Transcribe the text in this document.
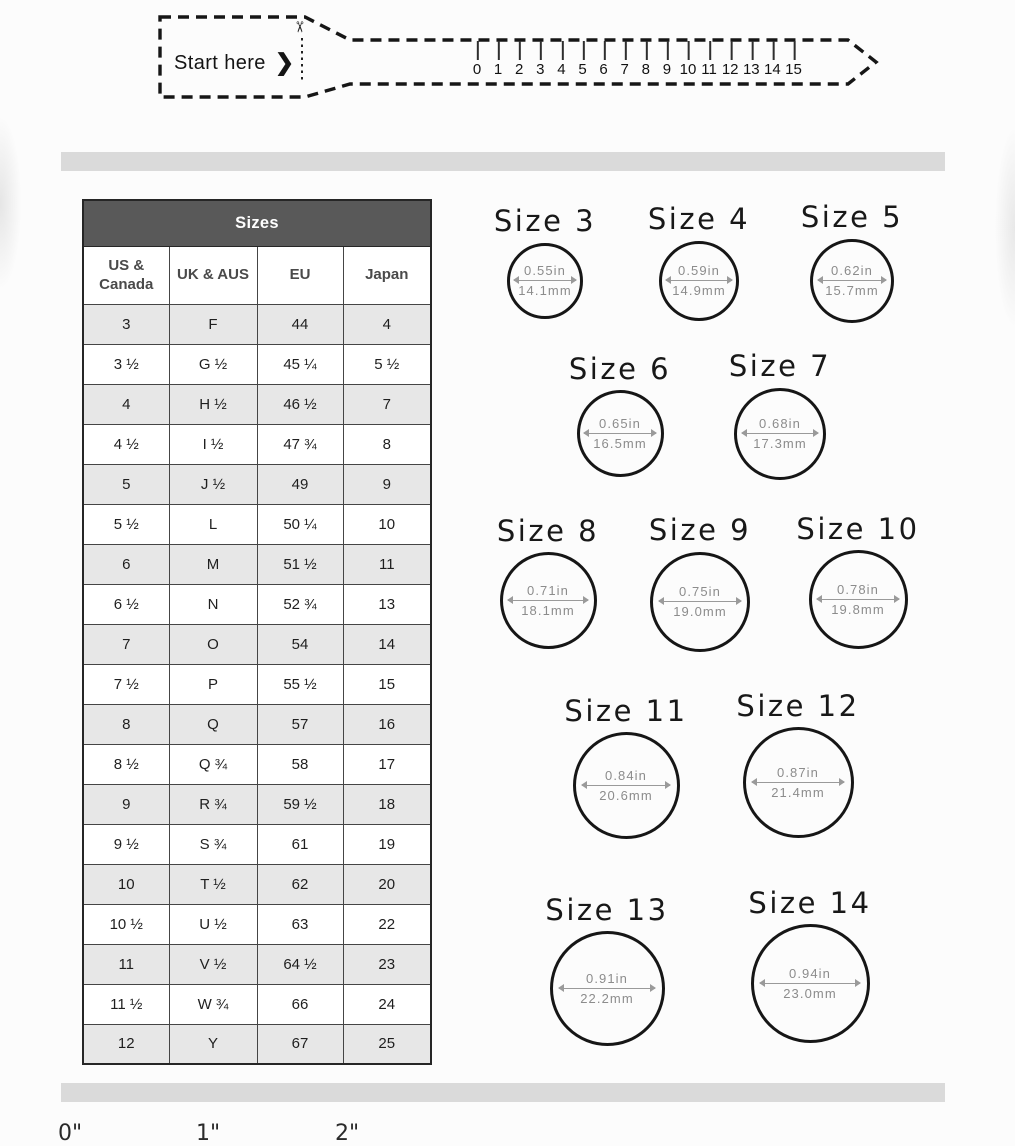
✂
Start here ❯	0 1 2 3 4 5 6 7 8 9 10 11 12 13 14 15
Sizes			
US & Canada	UK & AUS	EU	Japan
3	F	44	4
3 ½	G ½	45 ¼	5 ½
4	H ½	46 ½	7
4 ½	I ½	47 ¾	8
5	J ½	49	9
5 ½	L	50 ¼	10
6	M	51 ½	11
6 ½	N	52 ¾	13
7	O	54	14
7 ½	P	55 ½	15
8	Q	57	16
8 ½	Q ¾	58	17
9	R ¾	59 ½	18
9 ½	S ¾	61	19
10	T ½	62	20
10 ½	U ½	63	22
11	V ½	64 ½	23
11 ½	W ¾	66	24
12	Y	67	25
Size 3
0.55in
14.1mm
Size 4
0.59in
14.9mm
Size 5
0.62in
15.7mm
Size 6
0.65in
16.5mm
Size 7
0.68in
17.3mm
Size 8
0.71in
18.1mm
Size 9
0.75in
19.0mm
Size 10
0.78in
19.8mm
Size 11
0.84in
20.6mm
Size 12
0.87in
21.4mm
Size 13
0.91in
22.2mm
Size 14
0.94in
23.0mm
0"	1"	2"
